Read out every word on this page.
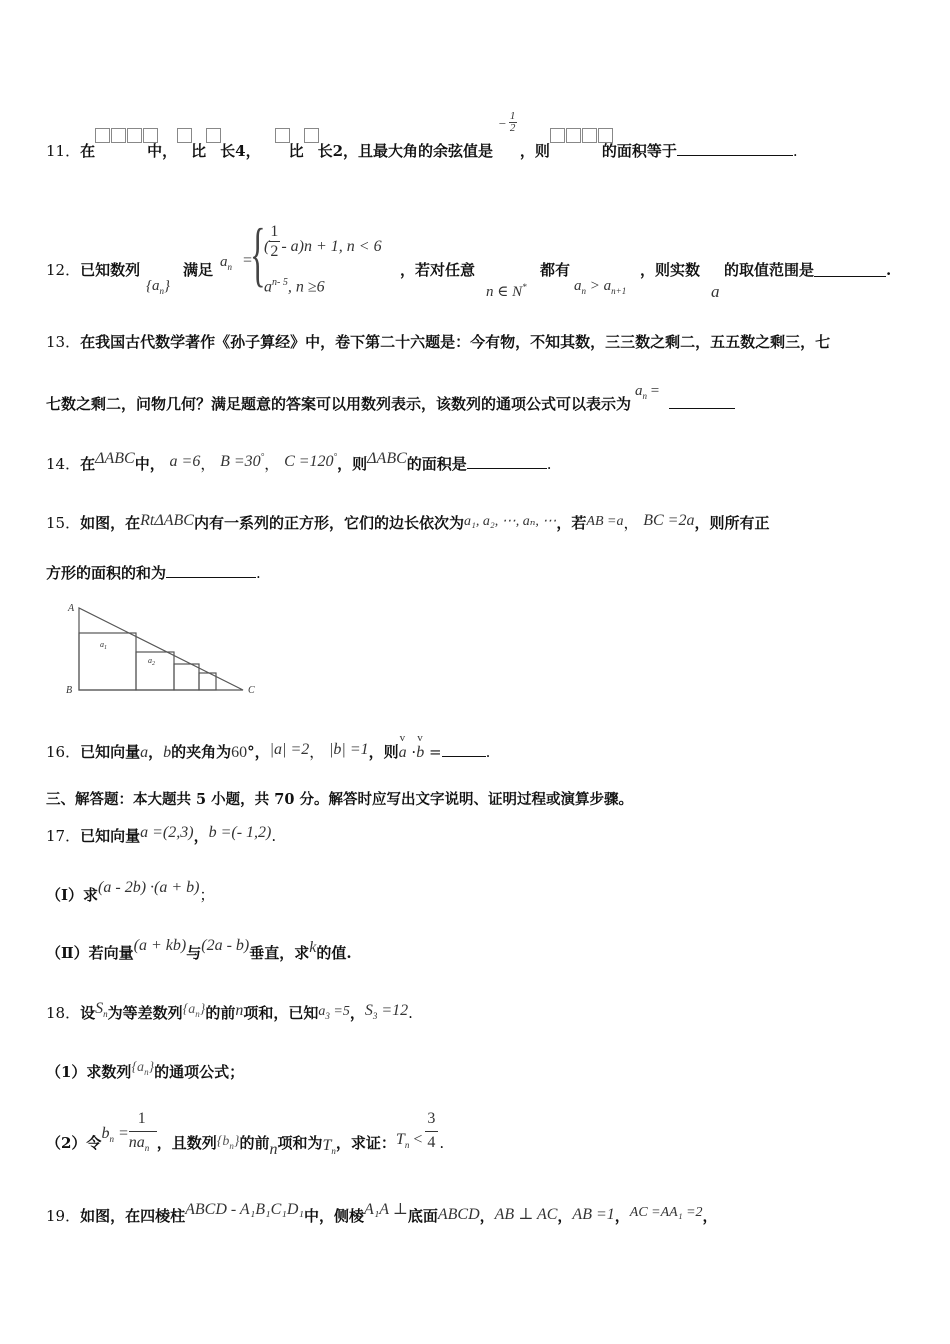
11．在	中， 比 长4， 比 长2，且最大角的余弦值是
− 1
2
，则	的面积等于	.
12．已知数列
$\{a_n\}$
满足 $a_n$ =
{
( $\frac{1}{2} - a)n + 1$, n < 6
$a^{n- 5}$, n ≥6
，若对任意
n ∈ N*
都有
$a_n > a_{n+1}$
，则实数
a
的取值范围是	.
13．在我国古代数学著作《孙子算经》中，卷下第二十六题是：今有物，不知其数，三三数之剩二，五五数之剩三，七
七数之剩二，问物几何？满足题意的答案可以用数列表示，该数列的通项公式可以表示为
$a_n$ =
14．在ΔABC中， a =6， B =30°， C =120°，则ΔABC的面积是	.
15．如图，在RtΔABC内有一系列的正方形，它们的边长依次为a₁, a₂, ⋯, aₙ, ⋯，若AB =a， BC =2a，则所有正
方形的面积的和为	.
A
B	C
$a_1$
$a_2$
16．已知向量a，b的夹角为60°，|a| =2， |b| =1，则
v
a ·
v
b =	.
三、解答题：本大题共 5 小题，共 70 分。解答时应写出文字说明、证明过程或演算步骤。
17．已知向量a =(2,3)，b =(- 1,2).
（Ⅰ）求(a - 2b) ·(a + b)；
（Ⅱ）若向量(a + kb)与(2a - b)垂直，求k的值.
18．设$S_n$为等差数列$\{a_n\}$的前n项和，已知$a_3 =5$，$S_3 =12$.
（1）求数列$\{a_n\}$的通项公式；
（2）令$b_n$ =
1
$na_n$ ，且数列$\{b_n\}$的前n项和为$T_n$，求证：$T_n < \frac{3}{4}$ .
19．如图，在四棱柱ABCD - A₁B₁C₁D₁中，侧棱A₁A ⊥底面ABCD，AB ⊥ AC，AB =1，AC =AA₁ =2，
